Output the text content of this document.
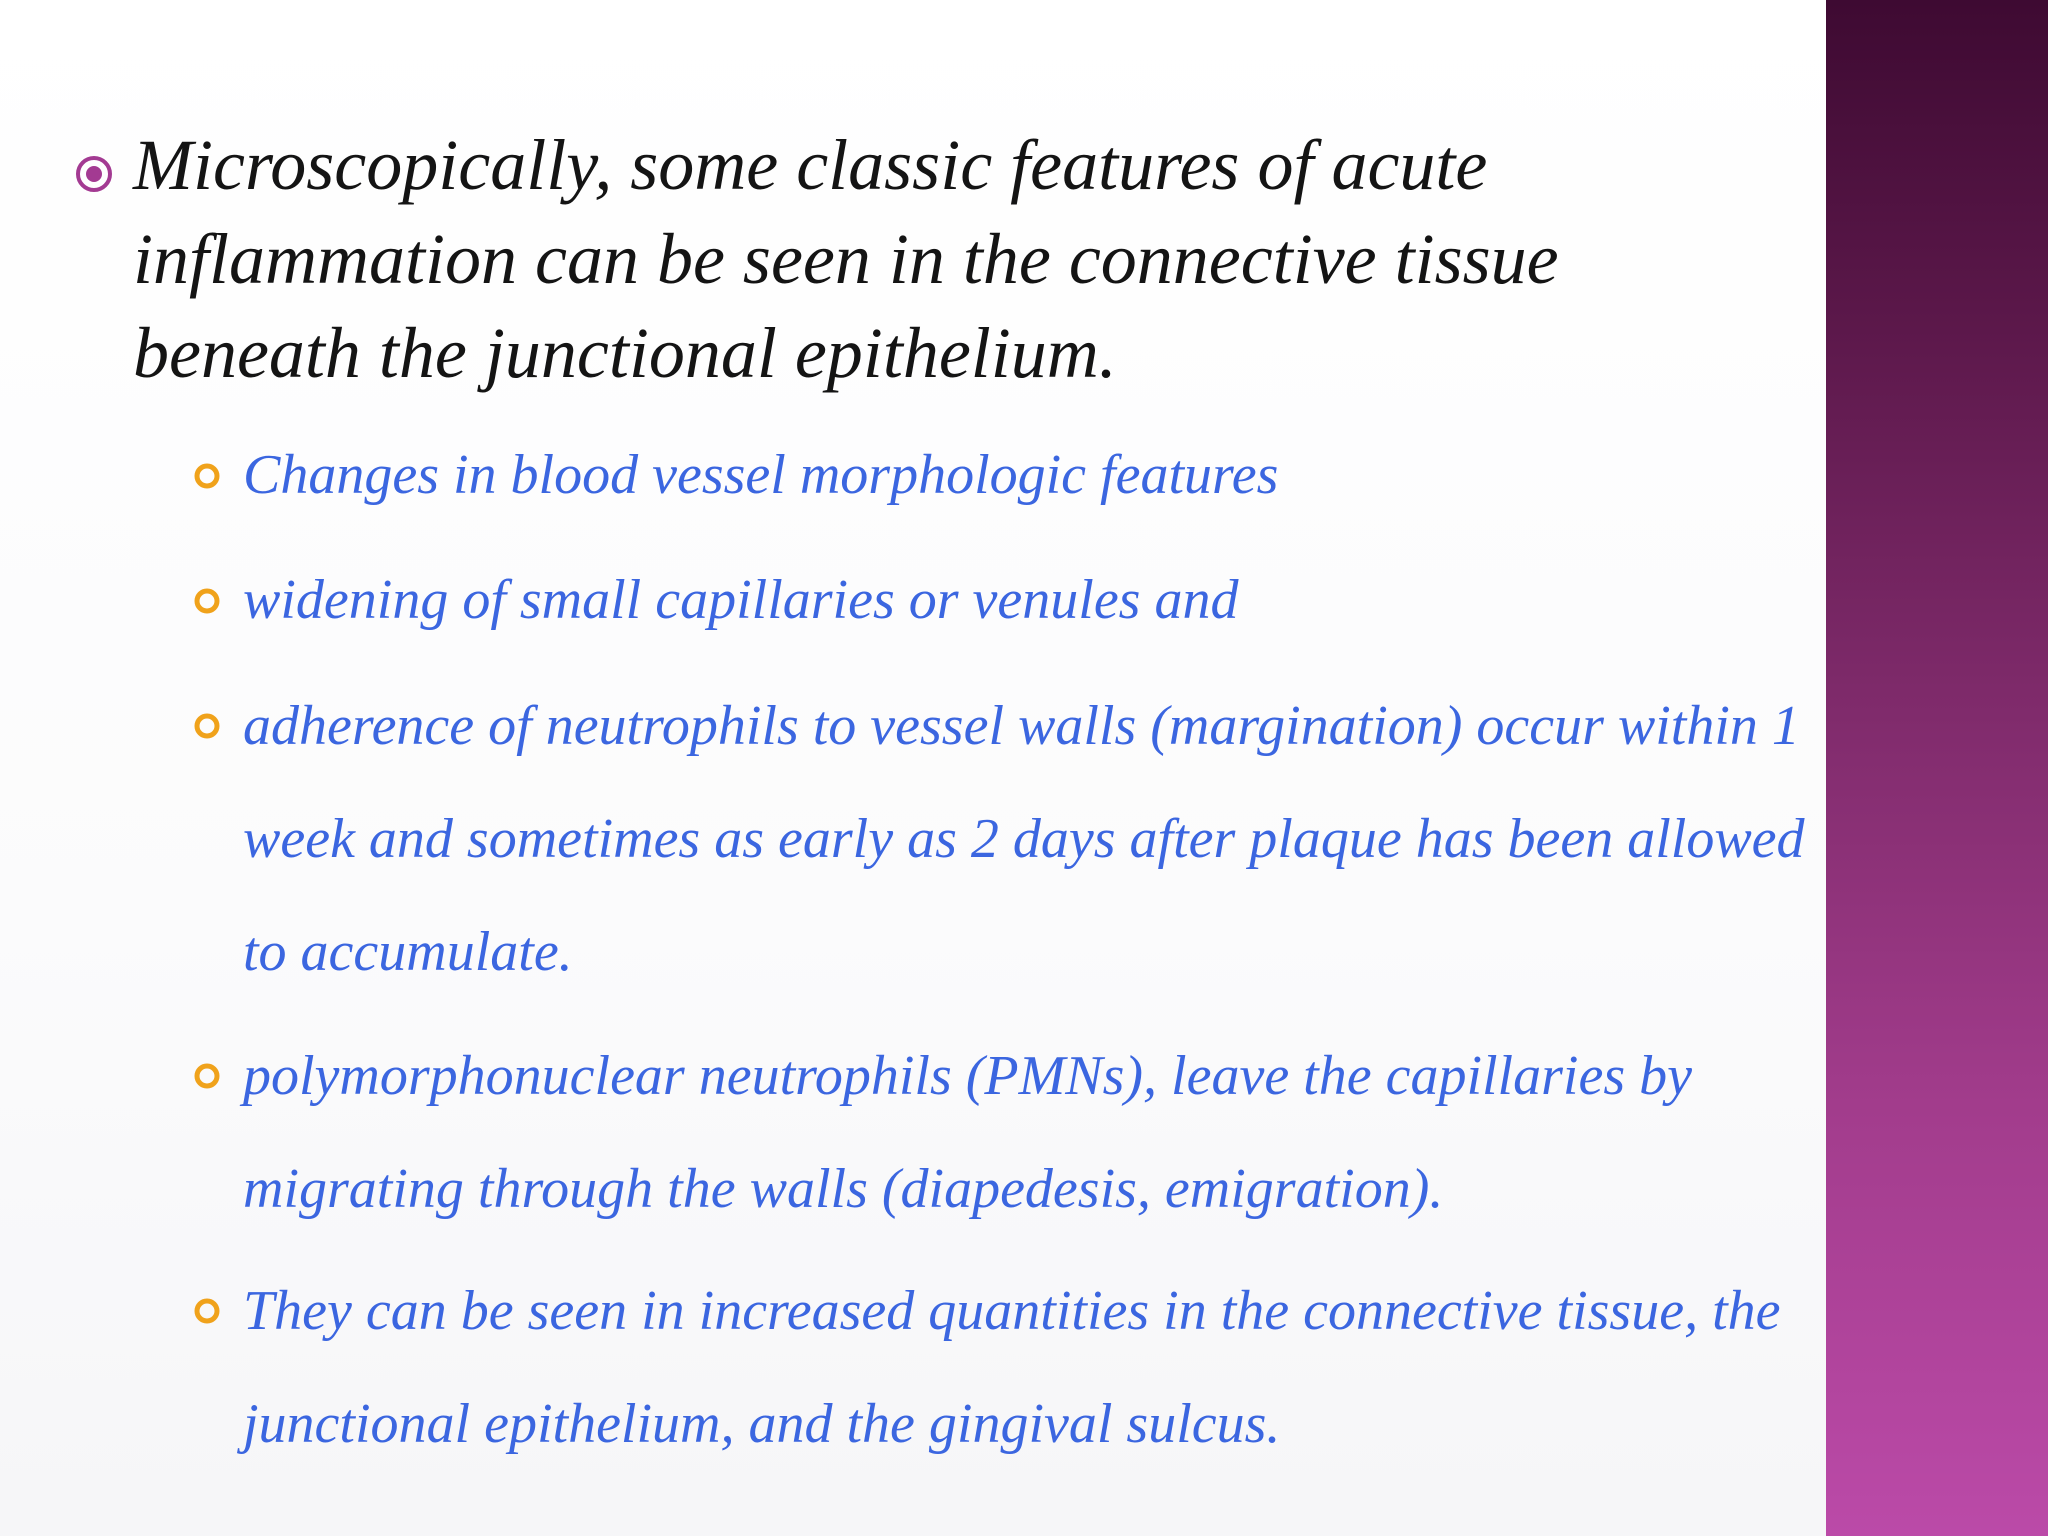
Microscopically, some classic features of acute inflammation can be seen in the connective tissue beneath the junctional epithelium.

Changes in blood vessel morphologic features

widening of small capillaries or venules and

adherence of neutrophils to vessel walls (margination) occur within 1 week and sometimes as early as 2 days after plaque has been allowed to accumulate.

polymorphonuclear neutrophils (PMNs), leave the capillaries by migrating through the walls (diapedesis, emigration).

They can be seen in increased quantities in the connective tissue, the junctional epithelium, and the gingival sulcus.
